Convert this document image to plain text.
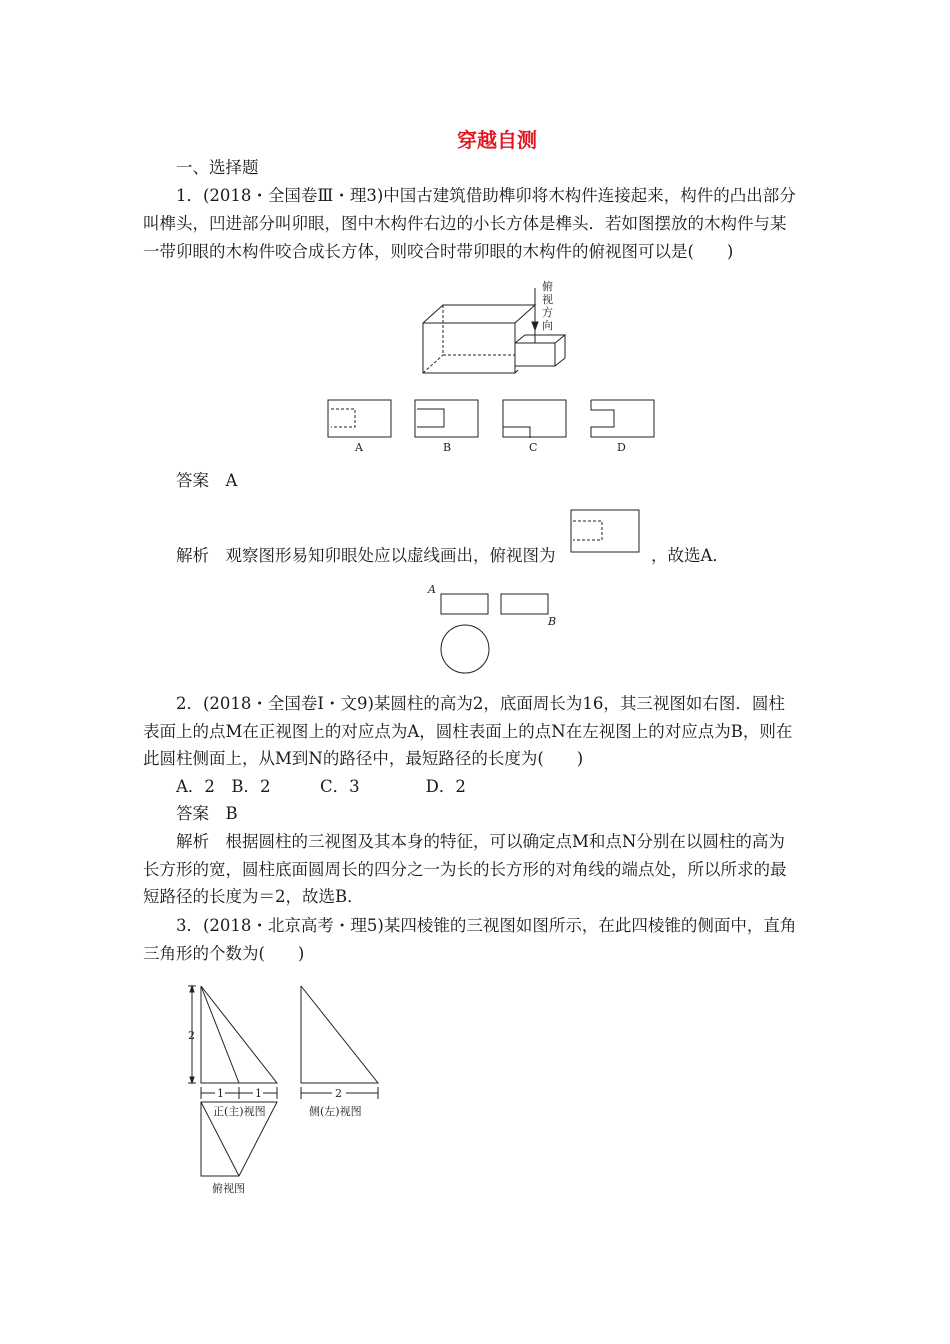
穿越自测
一、选择题
1．(2018・全国卷Ⅲ・理3)中国古建筑借助榫卯将木构件连接起来，构件的凸出部分
叫榫头，凹进部分叫卯眼，图中木构件右边的小长方体是榫头．若如图摆放的木构件与某
一带卯眼的木构件咬合成长方体，则咬合时带卯眼的木构件的俯视图可以是(　　)
俯
视
方
向
A	B	C	D
答案　A
解析　观察图形易知卯眼处应以虚线画出，俯视图为	，故选A．
A
B
2．(2018・全国卷Ⅰ・文9)某圆柱的高为2，底面周长为16，其三视图如右图．圆柱
表面上的点M在正视图上的对应点为A，圆柱表面上的点N在左视图上的对应点为B，则在
此圆柱侧面上，从M到N的路径中，最短路径的长度为(　　)
A．2　B．2　　　C．3　　　　D．2
答案　B
解析　根据圆柱的三视图及其本身的特征，可以确定点M和点N分别在以圆柱的高为
长方形的宽，圆柱底面圆周长的四分之一为长的长方形的对角线的端点处，所以所求的最
短路径的长度为＝2，故选B．
3．(2018・北京高考・理5)某四棱锥的三视图如图所示，在此四棱锥的侧面中，直角
三角形的个数为(　　)
2
1	1	2
正(主)视图	侧(左)视图
俯视图
